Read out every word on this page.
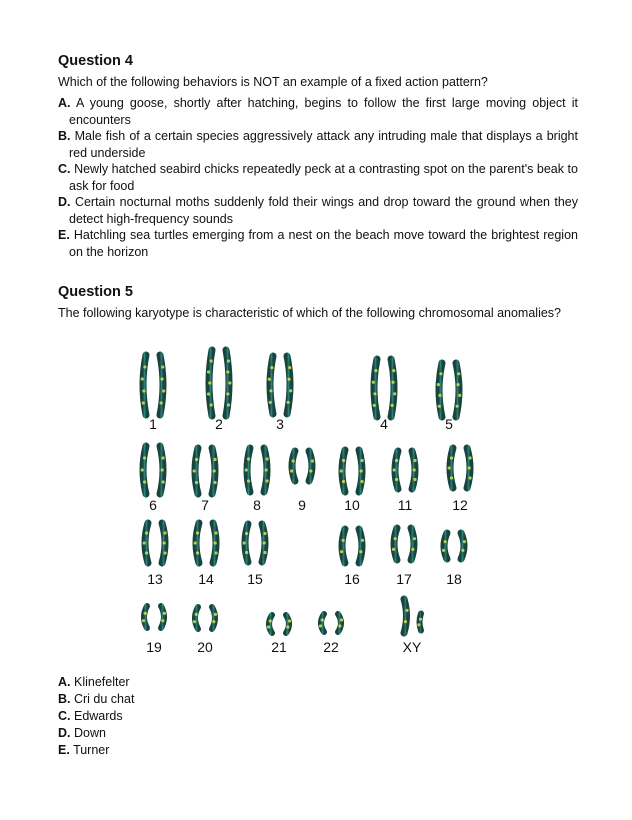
Question 4
Which of the following behaviors is NOT an example of a fixed action pattern?
A. A young goose, shortly after hatching, begins to follow the first large moving object it encounters
B. Male fish of a certain species aggressively attack any intruding male that displays a bright red underside
C. Newly hatched seabird chicks repeatedly peck at a contrasting spot on the parent's beak to ask for food
D. Certain nocturnal moths suddenly fold their wings and drop toward the ground when they detect high-frequency sounds
E. Hatchling sea turtles emerging from a nest on the beach move toward the brightest region on the horizon
Question 5
The following karyotype is characteristic of which of the following chromosomal anomalies?
1	2	3	4	5
6	7	8	9	10	11	12
13	14 15	16	17 18
19	20	21	22	XY
A. Klinefelter
B. Cri du chat
C. Edwards
D. Down
E. Turner
